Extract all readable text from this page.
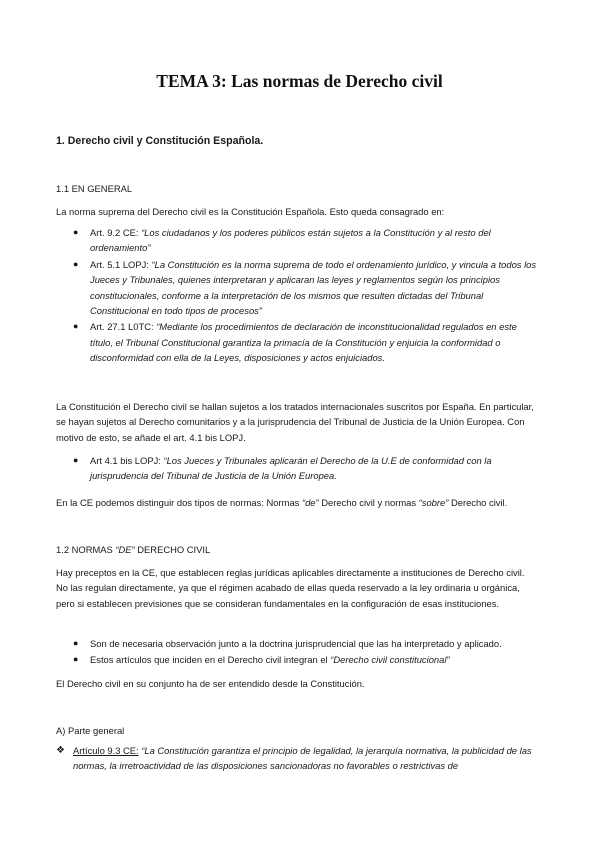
TEMA 3: Las normas de Derecho civil
1. Derecho civil y Constitución Española.
1.1 EN GENERAL

La norma suprema del Derecho civil es la Constitución Española. Esto queda consagrado en:

● Art. 9.2 CE: “Los ciudadanos y los poderes públicos están sujetos a la Constitución y al resto del ordenamiento”
● Art. 5.1 LOPJ: “La Constitución es la norma suprema de todo el ordenamiento jurídico, y vincula a todos los Jueces y Tribunales, quienes interpretaran y aplicaran las leyes y reglamentos según los principios constitucionales, conforme a la interpretación de los mismos que resulten dictadas del Tribunal Constitucional en todo tipos de procesos”
● Art. 27.1 L0TC: “Mediante los procedimientos de declaración de inconstitucionalidad regulados en este título, el Tribunal Constitucional garantiza la primacía de la Constitución y enjuicia la conformidad o disconformidad con ella de la Leyes, disposiciones y actos enjuiciados.

La Constitución el Derecho civil se hallan sujetos a los tratados internacionales suscritos por España. En particular, se hayan sujetos al Derecho comunitarios y a la jurisprudencia del Tribunal de Justicia de la Unión Europea. Con motivo de esto, se añade el art. 4.1 bis LOPJ.

● Art 4.1 bis LOPJ: “Los Jueces y Tribunales aplicarán el Derecho de la U.E de conformidad con la jurisprudencia del Tribunal de Justicia de la Unión Europea.

En la CE podemos distinguir dos tipos de normas: Normas “de” Derecho civil y normas “sobre” Derecho civil.

1.2 NORMAS “DE” DERECHO CIVIL

Hay preceptos en la CE, que establecen reglas jurídicas aplicables directamente a instituciones de Derecho civil. No las regulan directamente, ya que el régimen acabado de ellas queda reservado a la ley ordinaria u orgánica, pero si establecen previsiones que se consideran fundamentales en la configuración de esas instituciones.

● Son de necesaria observación junto a la doctrina jurisprudencial que las ha interpretado y aplicado.
● Estos artículos que inciden en el Derecho civil integran el “Derecho civil constitucional”

El Derecho civil en su conjunto ha de ser entendido desde la Constitución.

A) Parte general

❖ Artículo 9.3 CE: “La Constitución garantiza el principio de legalidad, la jerarquía normativa, la publicidad de las normas, la irretroactividad de las disposiciones sancionadoras no favorables o restrictivas de
